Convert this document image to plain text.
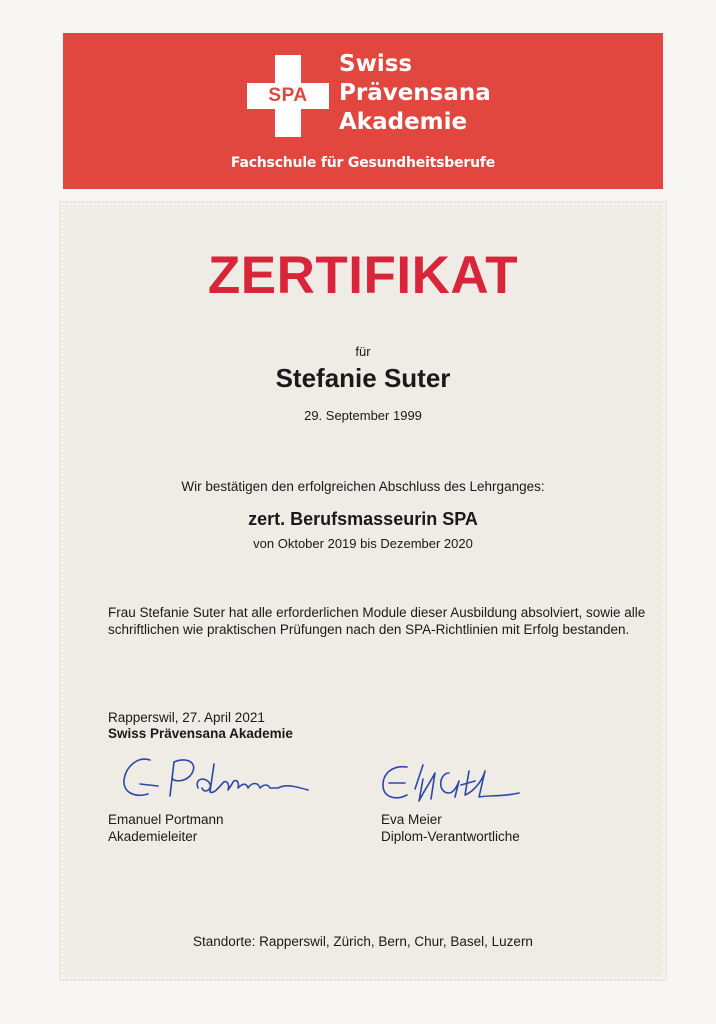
SPA
Swiss
Prävensana
Akademie
Fachschule für Gesundheitsberufe
ZERTIFIKAT
für
Stefanie Suter
29. September 1999
Wir bestätigen den erfolgreichen Abschluss des Lehrganges:
zert. Berufsmasseurin SPA
von Oktober 2019 bis Dezember 2020
Frau Stefanie Suter hat alle erforderlichen Module dieser Ausbildung absolviert, sowie alle schriftlichen wie praktischen Prüfungen nach den SPA-Richtlinien mit Erfolg bestanden.
Rapperswil, 27. April 2021
Swiss Prävensana Akademie
Emanuel Portmann
Akademieleiter
Eva Meier
Diplom-Verantwortliche
Standorte: Rapperswil, Zürich, Bern, Chur, Basel, Luzern
